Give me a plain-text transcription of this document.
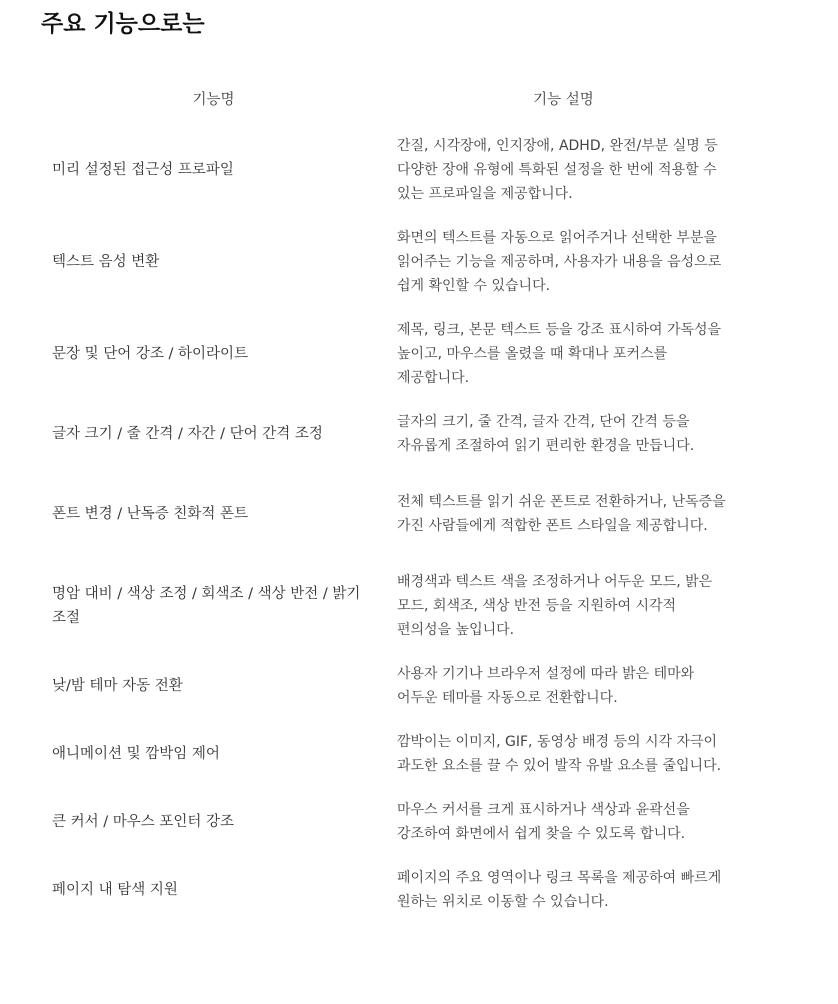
주요 기능으로는
기능명	기능 설명
미리 설정된 접근성 프로파일
간질, 시각장애, 인지장애, ADHD, 완전/부분 실명 등 다양한 장애 유형에 특화된 설정을 한 번에 적용할 수 있는 프로파일을 제공합니다.
텍스트 음성 변환
화면의 텍스트를 자동으로 읽어주거나 선택한 부분을 읽어주는 기능을 제공하며, 사용자가 내용을 음성으로 쉽게 확인할 수 있습니다.
문장 및 단어 강조 / 하이라이트
제목, 링크, 본문 텍스트 등을 강조 표시하여 가독성을 높이고, 마우스를 올렸을 때 확대나 포커스를 제공합니다.
글자 크기 / 줄 간격 / 자간 / 단어 간격 조정
글자의 크기, 줄 간격, 글자 간격, 단어 간격 등을 자유롭게 조절하여 읽기 편리한 환경을 만듭니다.
폰트 변경 / 난독증 친화적 폰트
전체 텍스트를 읽기 쉬운 폰트로 전환하거나, 난독증을 가진 사람들에게 적합한 폰트 스타일을 제공합니다.
명암 대비 / 색상 조정 / 회색조 / 색상 반전 / 밝기 조절
배경색과 텍스트 색을 조정하거나 어두운 모드, 밝은 모드, 회색조, 색상 반전 등을 지원하여 시각적 편의성을 높입니다.
낮/밤 테마 자동 전환
사용자 기기나 브라우저 설정에 따라 밝은 테마와 어두운 테마를 자동으로 전환합니다.
애니메이션 및 깜박임 제어
깜박이는 이미지, GIF, 동영상 배경 등의 시각 자극이 과도한 요소를 끌 수 있어 발작 유발 요소를 줄입니다.
큰 커서 / 마우스 포인터 강조
마우스 커서를 크게 표시하거나 색상과 윤곽선을 강조하여 화면에서 쉽게 찾을 수 있도록 합니다.
페이지 내 탐색 지원
페이지의 주요 영역이나 링크 목록을 제공하여 빠르게 원하는 위치로 이동할 수 있습니다.
